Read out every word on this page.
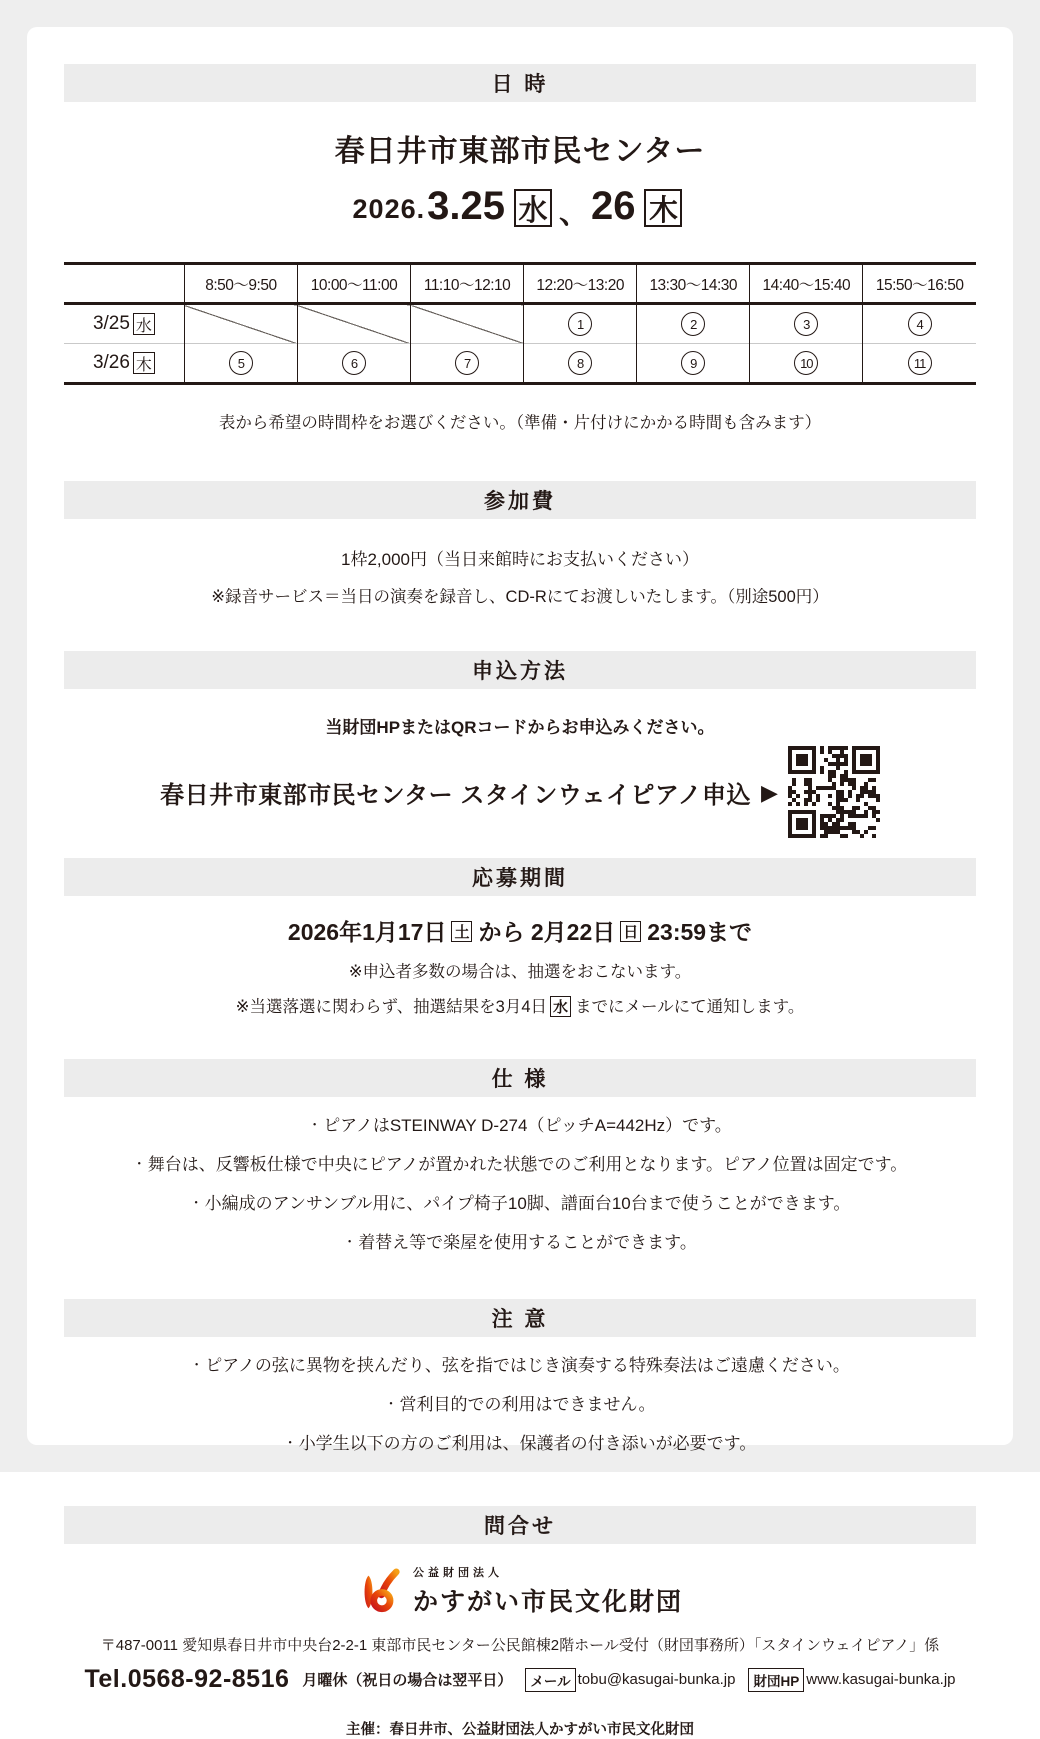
日 時
春日井市東部市民センター
2026. 3.25 水 、 26 木
	8:50～9:50	10:00～11:00	11:10～12:10	12:20～13:20	13:30～14:30	14:40～15:40	15:50～16:50

3/25 水				1	2	3	4

3/26 木	5	6	7	8	9	10	11
表から希望の時間枠をお選びください。（準備・片付けにかかる時間も含みます）
参加費
1枠2,000円（当日来館時にお支払いください）
※録音サービス＝当日の演奏を録音し、CD-Rにてお渡しいたします。（別途500円）
申込方法
当財団HPまたはQRコードからお申込みください。
春日井市東部市民センター スタインウェイピアノ申込 ▶
応募期間
2026年1月17日 土 から 2月22日 日 23:59まで
※申込者多数の場合は、抽選をおこないます。
※当選落選に関わらず、抽選結果を3月4日 水 までにメールにて通知します。
仕 様
・ ピアノはSTEINWAY D-274（ピッチA=442Hz）です。
・ 舞台は、反響板仕様で中央にピアノが置かれた状態でのご利用となります。ピアノ位置は固定です。
・ 小編成のアンサンブル用に、パイプ椅子10脚、譜面台10台まで使うことができます。
・ 着替え等で楽屋を使用することができます。
注 意
・ ピアノの弦に異物を挟んだり、弦を指ではじき演奏する特殊奏法はご遠慮ください。
・ 営利目的での利用はできません。
・ 小学生以下の方のご利用は、保護者の付き添いが必要です。
問合せ
公益財団法人
かすがい市民文化財団
〒487-0011 愛知県春日井市中央台2-2-1 東部市民センター公民館棟2階ホール受付（財団事務所）「スタインウェイピアノ」係
Tel.0568-92-8516 月曜休（祝日の場合は翌平日）	メール tobu@kasugai-bunka.jp	財団HP www.kasugai-bunka.jp
主催：春日井市、公益財団法人かすがい市民文化財団
